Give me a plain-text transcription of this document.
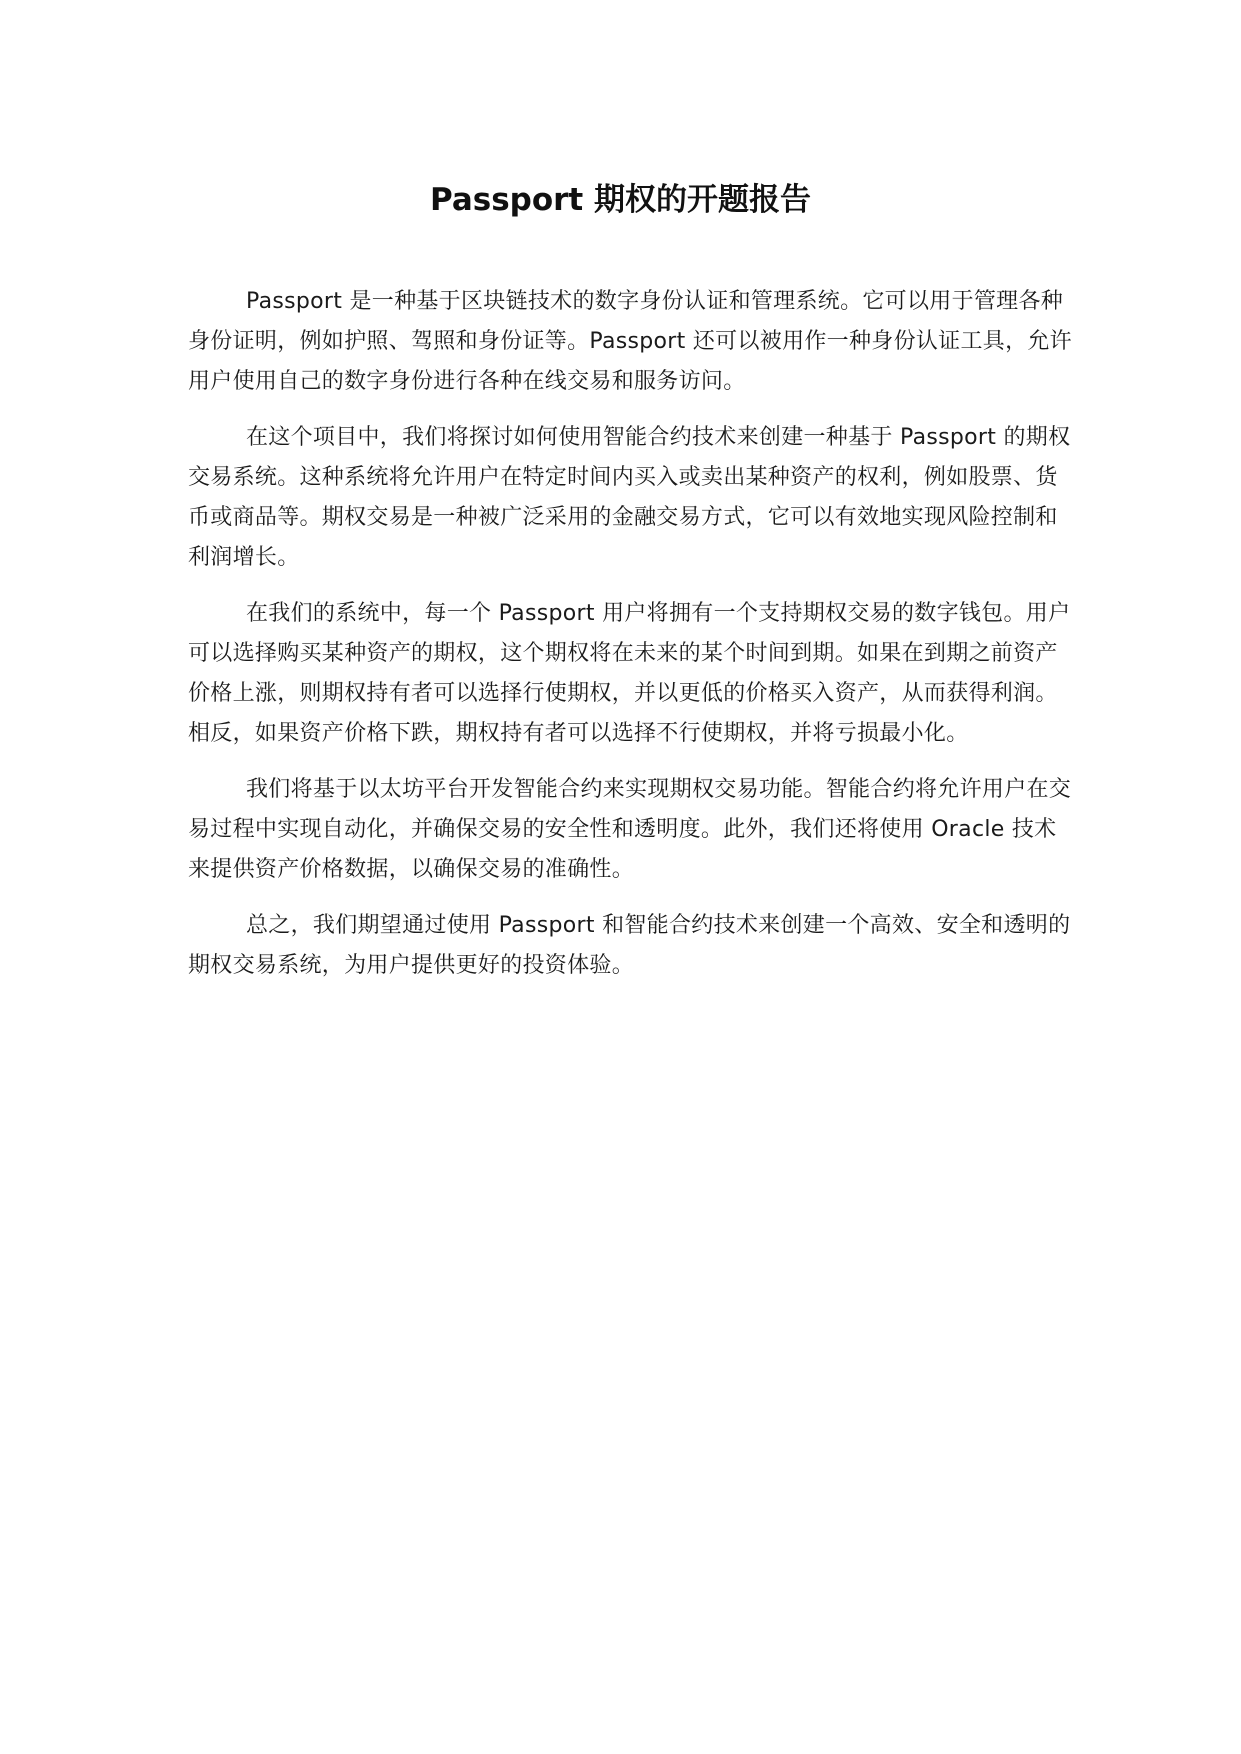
Passport 期权的开题报告

Passport 是一种基于区块链技术的数字身份认证和管理系统。它可以用于管理各种身份证明，例如护照、驾照和身份证等。Passport 还可以被用作一种身份认证工具，允许用户使用自己的数字身份进行各种在线交易和服务访问。

在这个项目中，我们将探讨如何使用智能合约技术来创建一种基于 Passport 的期权交易系统。这种系统将允许用户在特定时间内买入或卖出某种资产的权利，例如股票、货币或商品等。期权交易是一种被广泛采用的金融交易方式，它可以有效地实现风险控制和利润增长。

在我们的系统中，每一个 Passport 用户将拥有一个支持期权交易的数字钱包。用户可以选择购买某种资产的期权，这个期权将在未来的某个时间到期。如果在到期之前资产价格上涨，则期权持有者可以选择行使期权，并以更低的价格买入资产，从而获得利润。相反，如果资产价格下跌，期权持有者可以选择不行使期权，并将亏损最小化。

我们将基于以太坊平台开发智能合约来实现期权交易功能。智能合约将允许用户在交易过程中实现自动化，并确保交易的安全性和透明度。此外，我们还将使用 Oracle 技术来提供资产价格数据，以确保交易的准确性。

总之，我们期望通过使用 Passport 和智能合约技术来创建一个高效、安全和透明的期权交易系统，为用户提供更好的投资体验。
